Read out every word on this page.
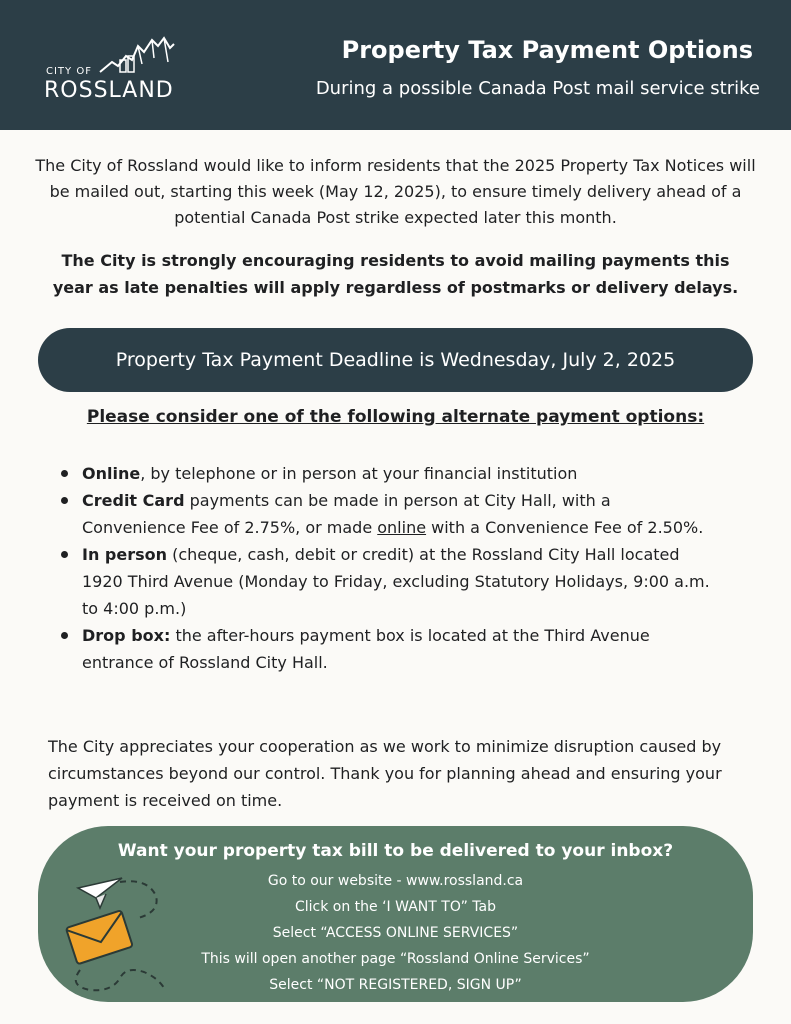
CITY OF
ROSSLAND
Property Tax Payment Options
During a possible Canada Post mail service strike

The City of Rossland would like to inform residents that the 2025 Property Tax Notices will be mailed out, starting this week (May 12, 2025), to ensure timely delivery ahead of a potential Canada Post strike expected later this month.

The City is strongly encouraging residents to avoid mailing payments this year as late penalties will apply regardless of postmarks or delivery delays.

Property Tax Payment Deadline is Wednesday, July 2, 2025
Please consider one of the following alternate payment options:
Online, by telephone or in person at your financial institution
Credit Card payments can be made in person at City Hall, with a Convenience Fee of 2.75%, or made online with a Convenience Fee of 2.50%.
In person (cheque, cash, debit or credit) at the Rossland City Hall located 1920 Third Avenue (Monday to Friday, excluding Statutory Holidays, 9:00 a.m. to 4:00 p.m.)
Drop box: the after-hours payment box is located at the Third Avenue entrance of Rossland City Hall.

The City appreciates your cooperation as we work to minimize disruption caused by circumstances beyond our control. Thank you for planning ahead and ensuring your payment is received on time.

Want your property tax bill to be delivered to your inbox?
Go to our website - www.rossland.ca
Click on the ‘I WANT TO” Tab
Select “ACCESS ONLINE SERVICES”
This will open another page “Rossland Online Services”
Select “NOT REGISTERED, SIGN UP”
